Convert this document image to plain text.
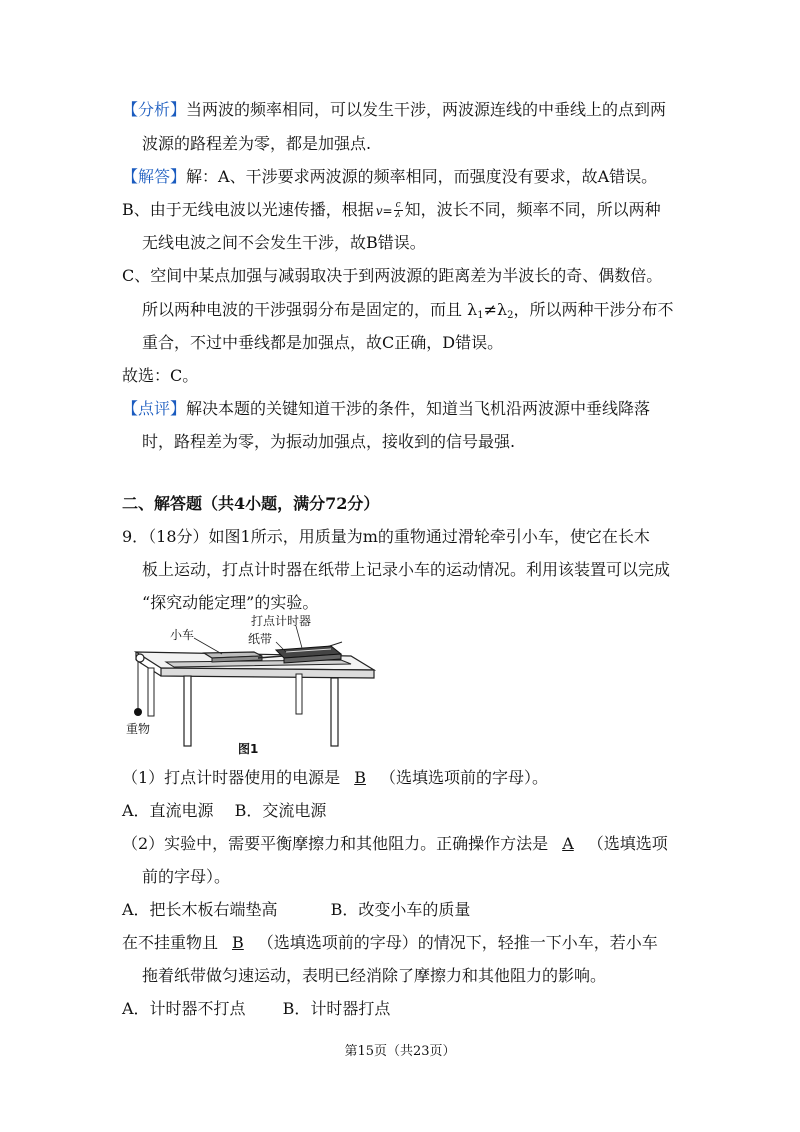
【分析】当两波的频率相同，可以发生干涉，两波源连线的中垂线上的点到两
波源的路程差为零，都是加强点.
【解答】解：A、干涉要求两波源的频率相同，而强度没有要求，故A错误。
B、由于无线电波以光速传播，根据 $v= \frac{c}{\lambda}$ 知，波长不同，频率不同，所以两种
无线电波之间不会发生干涉，故B错误。
C、空间中某点加强与减弱取决于到两波源的距离差为半波长的奇、偶数倍。
所以两种电波的干涉强弱分布是固定的，而且 $\lambda_1\ne\lambda_2$，所以两种干涉分布不
重合，不过中垂线都是加强点，故C正确，D错误。
故选：C。
【点评】解决本题的关键知道干涉的条件，知道当飞机沿两波源中垂线降落
时，路程差为零，为振动加强点，接收到的信号最强.
二、解答题（共4小题，满分72分）
9．（18分）如图1所示，用质量为m的重物通过滑轮牵引小车，使它在长木
板上运动，打点计时器在纸带上记录小车的运动情况。利用该装置可以完成
“探究动能定理”的实验。
打点计时器
小车	纸带
重物
图1
（1）打点计时器使用的电源是 B （选填选项前的字母）。
A．直流电源　 B．交流电源
（2）实验中，需要平衡摩擦力和其他阻力。正确操作方法是 A （选填选项
前的字母）。
A．把长木板右端垫高　　　 B．改变小车的质量
在不挂重物且 B （选填选项前的字母）的情况下，轻推一下小车，若小车
拖着纸带做匀速运动，表明已经消除了摩擦力和其他阻力的影响。
A．计时器不打点　　 B．计时器打点
第15页（共23页）
